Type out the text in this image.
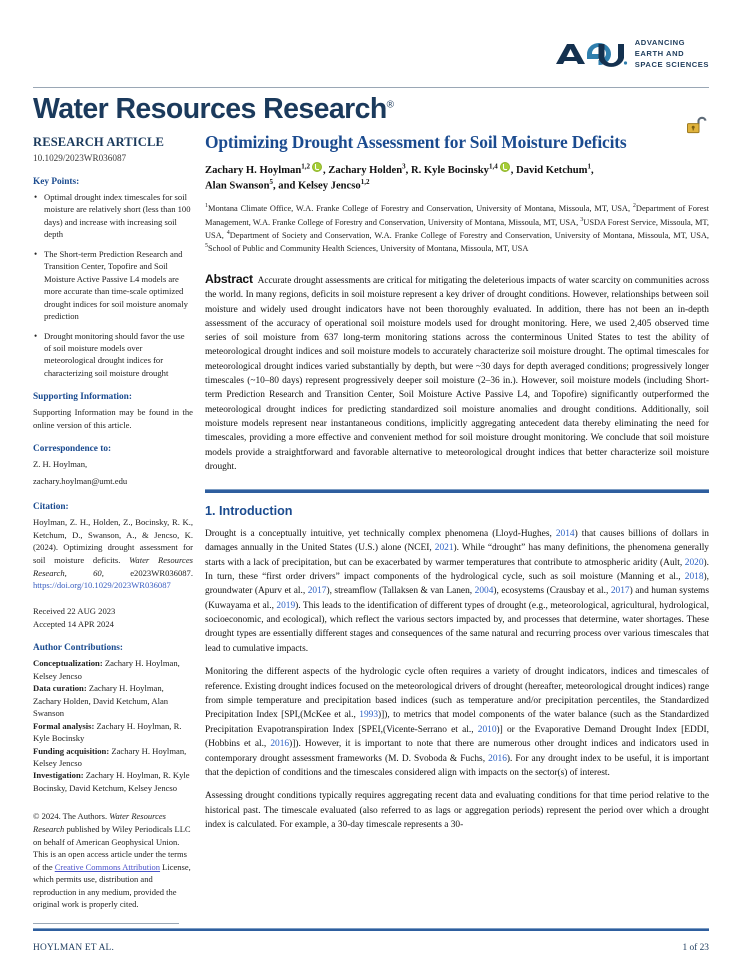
ADVANCING
EARTH AND
SPACE SCIENCES
Water Resources Research®
RESEARCH ARTICLE
10.1029/2023WR036087
Key Points:
• Optimal drought index timescales for soil moisture are relatively short (less than 100 days) and increase with increasing soil depth
• The Short-term Prediction Research and Transition Center, Topofire and Soil Moisture Active Passive L4 models are more accurate than time-scale optimized drought indices for soil moisture anomaly prediction
• Drought monitoring should favor the use of soil moisture models over meteorological drought indices for characterizing soil moisture drought
Supporting Information:
Supporting Information may be found in the online version of this article.
Correspondence to:
Z. H. Hoylman,
zachary.hoylman@umt.edu
Citation:
Hoylman, Z. H., Holden, Z., Bocinsky, R. K., Ketchum, D., Swanson, A., & Jencso, K. (2024). Optimizing drought assessment for soil moisture deficits. Water Resources Research, 60, e2023WR036087. https://doi.org/10.1029/2023WR036087
Received 22 AUG 2023
Accepted 14 APR 2024
Author Contributions:

Conceptualization: Zachary H. Hoylman, Kelsey Jencso

Data curation: Zachary H. Hoylman, Zachary Holden, David Ketchum, Alan Swanson

Formal analysis: Zachary H. Hoylman, R. Kyle Bocinsky

Funding acquisition: Zachary H. Hoylman, Kelsey Jencso

Investigation: Zachary H. Hoylman, R. Kyle Bocinsky, David Ketchum, Kelsey Jencso

© 2024. The Authors. Water Resources Research published by Wiley Periodicals LLC on behalf of American Geophysical Union.
This is an open access article under the terms of the Creative Commons Attribution License, which permits use, distribution and reproduction in any medium, provided the original work is properly cited.
Optimizing Drought Assessment for Soil Moisture Deficits
Zachary H. Hoylman$^{1,2}$ , Zachary Holden$^3$, R. Kyle Bocinsky$^{1,4}$ , David Ketchum$^1$,
Alan Swanson$^5$, and Kelsey Jencso$^{1,2}$
$^1$Montana Climate Office, W.A. Franke College of Forestry and Conservation, University of Montana, Missoula, MT, USA, $^2$Department of Forest Management, W.A. Franke College of Forestry and Conservation, University of Montana, Missoula, MT, USA, $^3$USDA Forest Service, Missoula, MT, USA, $^4$Department of Society and Conservation, W.A. Franke College of Forestry and Conservation, University of Montana, Missoula, MT, USA, $^5$School of Public and Community Health Sciences, University of Montana, Missoula, MT, USA
Abstract Accurate drought assessments are critical for mitigating the deleterious impacts of water scarcity on communities across the world. In many regions, deficits in soil moisture represent a key driver of drought conditions. However, relationships between soil moisture and widely used drought indicators have not been thoroughly evaluated. In addition, there has not been an in-depth assessment of the accuracy of operational soil moisture models used for drought monitoring. Here, we used 2,405 observed time series of soil moisture from 637 long-term monitoring stations across the conterminous United States to test the ability of meteorological drought indices and soil moisture models to accurately characterize soil moisture drought. The optimal timescales for meteorological drought indices varied substantially by depth, but were ~30 days for depth averaged conditions; progressively longer timescales (~10–80 days) represent progressively deeper soil moisture (2–36 in.). However, soil moisture models (including Short-term Prediction Research and Transition Center, Soil Moisture Active Passive L4, and Topofire) significantly outperformed the meteorological drought indices for predicting standardized soil moisture anomalies and drought conditions. Additionally, soil moisture models represent near instantaneous conditions, implicitly aggregating antecedent data thereby eliminating the need for timescales, providing a more effective and convenient method for soil moisture drought monitoring. We conclude that soil moisture models provide a straightforward and favorable alternative to meteorological drought indices that better characterize soil moisture drought.
1. Introduction

Drought is a conceptually intuitive, yet technically complex phenomena (Lloyd-Hughes, 2014) that causes billions of dollars in damages annually in the United States (U.S.) alone (NCEI, 2021). While “drought” has many definitions, the phenomena generally starts with a lack of precipitation, but can be exacerbated by warmer temperatures that contribute to atmospheric aridity (Ault, 2020). In turn, these “first order drivers” impact components of the hydrological cycle, such as soil moisture (Manning et al., 2018), groundwater (Apurv et al., 2017), streamflow (Tallaksen & van Lanen, 2004), ecosystems (Crausbay et al., 2017) and human systems (Kuwayama et al., 2019). This leads to the identification of different types of drought (e.g., meteorological, agricultural, hydrological, socioeconomic, and ecological), which reflect the various sectors impacted by, and processes that determine, water shortages. These drought types are essentially different stages and consequences of the same natural and recurring process over various timescales that lead to cumulative impacts.

Monitoring the different aspects of the hydrologic cycle often requires a variety of drought indicators, indices and timescales of reference. Existing drought indices focused on the meteorological drivers of drought (hereafter, meteorological drought indices) range from simple temperature and precipitation based indices (such as temperature and/or precipitation percentiles, the Standardized Precipitation Index [SPI,(McKee et al., 1993)]), to metrics that model components of the water balance (such as the Standardized Precipitation Evapotranspiration Index [SPEI,(Vicente-Serrano et al., 2010)] or the Evaporative Demand Drought Index [EDDI, (Hobbins et al., 2016)]). However, it is important to note that there are numerous other drought indices and indicators used in contemporary drought assessment frameworks (M. D. Svoboda & Fuchs, 2016). For any drought index to be useful, it is important that the depiction of conditions and the timescales considered align with impacts on the sector(s) of interest.

Assessing drought conditions typically requires aggregating recent data and evaluating conditions for that time period relative to the historical past. The timescale evaluated (also referred to as lags or aggregation periods) represent the period over which a drought index is calculated. For example, a 30-day timescale represents a 30-

HOYLMAN ET AL.	1 of 23
